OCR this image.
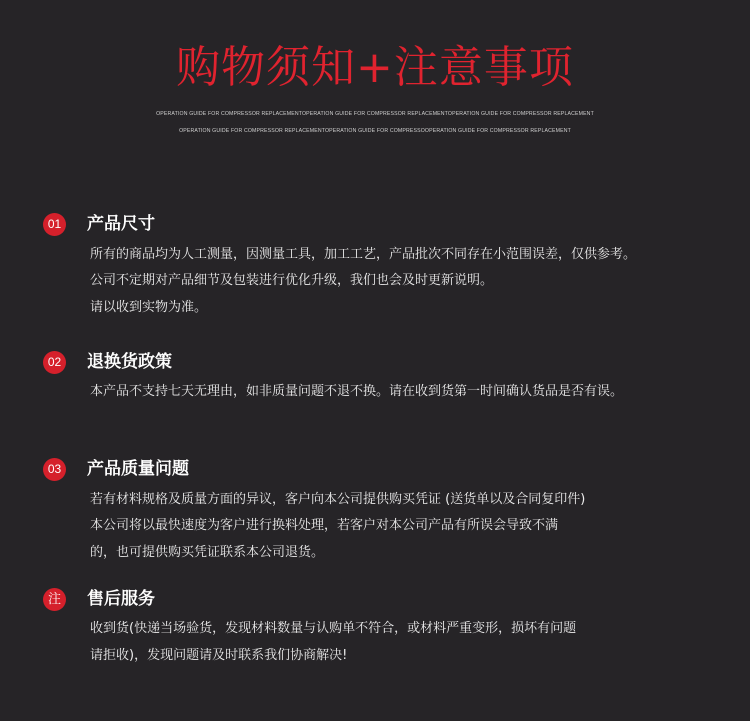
购物须知+注意事项
OPERATION GUIDE FOR COMPRESSOR REPLACEMENTOPERATION GUIDE FOR COMPRESSOR REPLACEMENTOPERATION GUIDE FOR COMPRESSOR REPLACEMENT
OPERATION GUIDE FOR COMPRESSOR REPLACEMENTOPERATION GUIDE FOR COMPRESSOOPERATION GUIDE FOR COMPRESSOR REPLACEMENT
01 产品尺寸
所有的商品均为人工测量，因测量工具，加工工艺，产品批次不同存在小范围误差，仅供参考。
公司不定期对产品细节及包装进行优化升级，我们也会及时更新说明。
请以收到实物为准。
02 退换货政策
本产品不支持七天无理由，如非质量问题不退不换。请在收到货第一时间确认货品是否有误。
03 产品质量问题
若有材料规格及质量方面的异议，客户向本公司提供购买凭证 (送货单以及合同复印件)
本公司将以最快速度为客户进行换料处理，若客户对本公司产品有所误会导致不满
的，也可提供购买凭证联系本公司退货。
注 售后服务
收到货(快递当场验货，发现材料数量与认购单不符合，或材料严重变形，损坏有问题
请拒收)，发现问题请及时联系我们协商解决!
